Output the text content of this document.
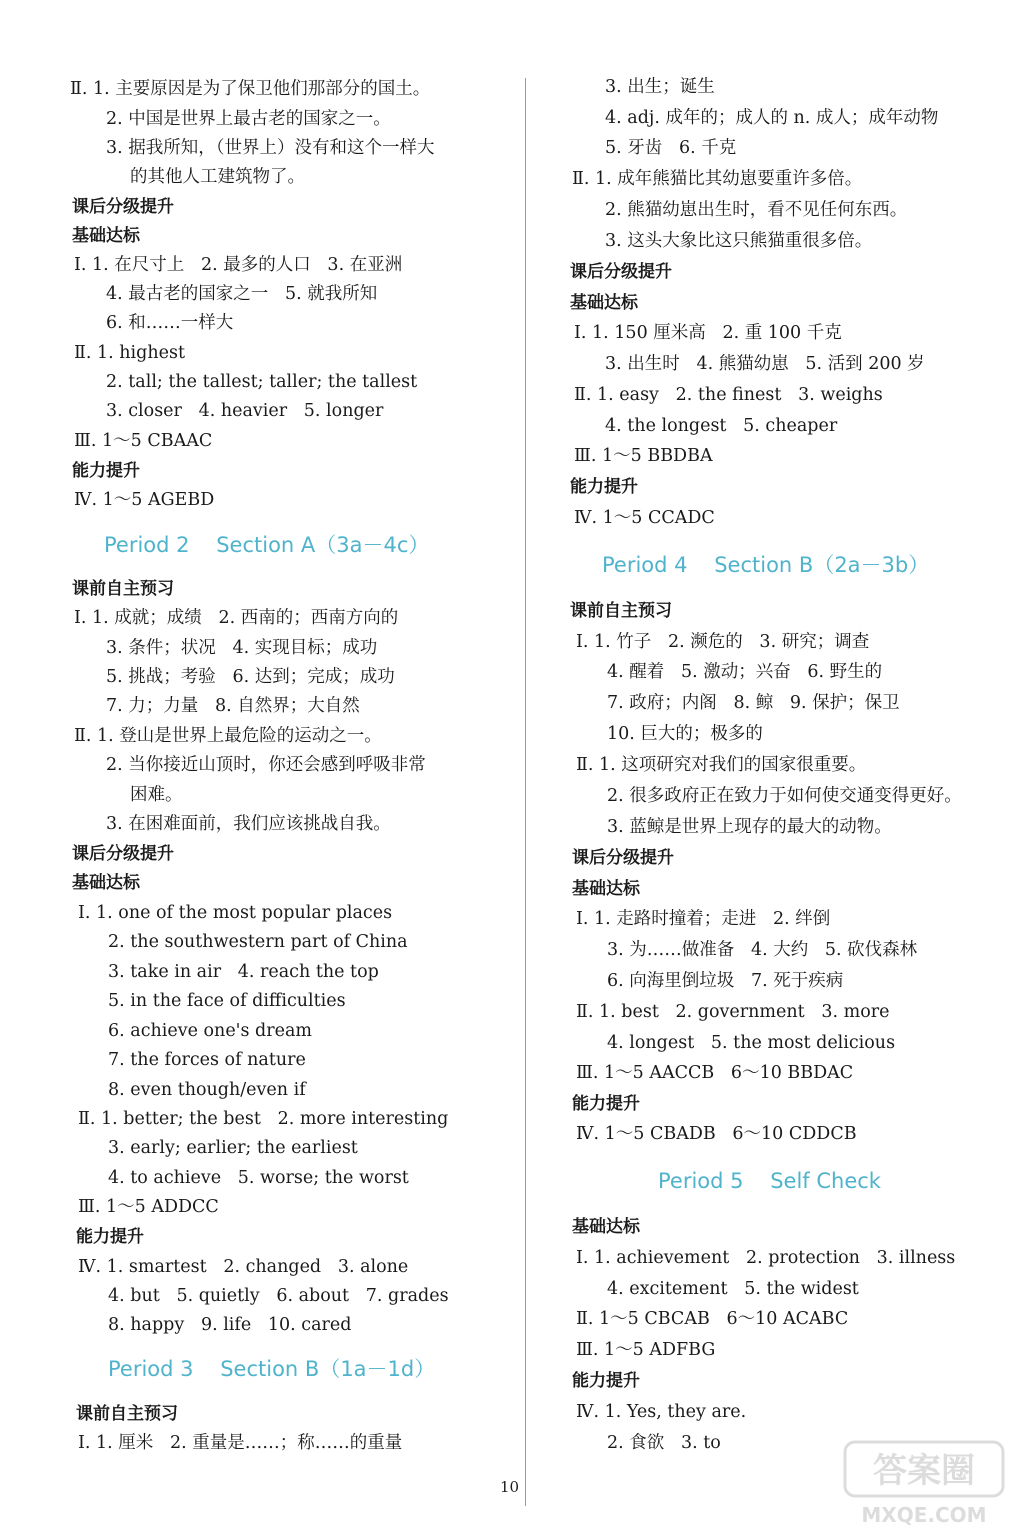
Ⅱ. 1. 主要原因是为了保卫他们那部分的国土。
2. 中国是世界上最古老的国家之一。
3. 据我所知，（世界上）没有和这个一样大
的其他人工建筑物了。
课后分级提升
基础达标
Ⅰ. 1. 在尺寸上   2. 最多的人口   3. 在亚洲
4. 最古老的国家之一   5. 就我所知
6. 和……一样大
Ⅱ. 1. highest
2. tall; the tallest; taller; the tallest
3. closer   4. heavier   5. longer
Ⅲ. 1～5 CBAAC
能力提升
Ⅳ. 1～5 AGEBD
Period 2    Section A（3a－4c）
课前自主预习
Ⅰ. 1. 成就；成绩   2. 西南的；西南方向的
3. 条件；状况   4. 实现目标；成功
5. 挑战；考验   6. 达到；完成；成功
7. 力；力量   8. 自然界；大自然
Ⅱ. 1. 登山是世界上最危险的运动之一。
2. 当你接近山顶时，你还会感到呼吸非常
困难。
3. 在困难面前，我们应该挑战自我。
课后分级提升
基础达标
Ⅰ. 1. one of the most popular places
2. the southwestern part of China
3. take in air   4. reach the top
5. in the face of difficulties
6. achieve one's dream
7. the forces of nature
8. even though/even if
Ⅱ. 1. better; the best   2. more interesting
3. early; earlier; the earliest
4. to achieve   5. worse; the worst
Ⅲ. 1～5 ADDCC
能力提升
Ⅳ. 1. smartest   2. changed   3. alone
4. but   5. quietly   6. about   7. grades
8. happy   9. life   10. cared
Period 3    Section B（1a－1d）
课前自主预习
Ⅰ. 1. 厘米   2. 重量是……；称……的重量
3. 出生；诞生
4. adj. 成年的；成人的 n. 成人；成年动物
5. 牙齿   6. 千克
Ⅱ. 1. 成年熊猫比其幼崽要重许多倍。
2. 熊猫幼崽出生时，看不见任何东西。
3. 这头大象比这只熊猫重很多倍。
课后分级提升
基础达标
Ⅰ. 1. 150 厘米高   2. 重 100 千克
3. 出生时   4. 熊猫幼崽   5. 活到 200 岁
Ⅱ. 1. easy   2. the finest   3. weighs
4. the longest   5. cheaper
Ⅲ. 1～5 BBDBA
能力提升
Ⅳ. 1～5 CCADC
Period 4    Section B（2a－3b）
课前自主预习
Ⅰ. 1. 竹子   2. 濒危的   3. 研究；调查
4. 醒着   5. 激动；兴奋   6. 野生的
7. 政府；内阁   8. 鲸   9. 保护；保卫
10. 巨大的；极多的
Ⅱ. 1. 这项研究对我们的国家很重要。
2. 很多政府正在致力于如何使交通变得更好。
3. 蓝鲸是世界上现存的最大的动物。
课后分级提升
基础达标
Ⅰ. 1. 走路时撞着；走进   2. 绊倒
3. 为……做准备   4. 大约   5. 砍伐森林
6. 向海里倒垃圾   7. 死于疾病
Ⅱ. 1. best   2. government   3. more
4. longest   5. the most delicious
Ⅲ. 1～5 AACCB   6～10 BBDAC
能力提升
Ⅳ. 1～5 CBADB   6～10 CDDCB
Period 5    Self Check
基础达标
Ⅰ. 1. achievement   2. protection   3. illness
4. excitement   5. the widest
Ⅱ. 1～5 CBCAB   6～10 ACABC
Ⅲ. 1～5 ADFBG
能力提升
Ⅳ. 1. Yes, they are.
2. 食欲   3. to
10	答案圈
MXQE.COM
